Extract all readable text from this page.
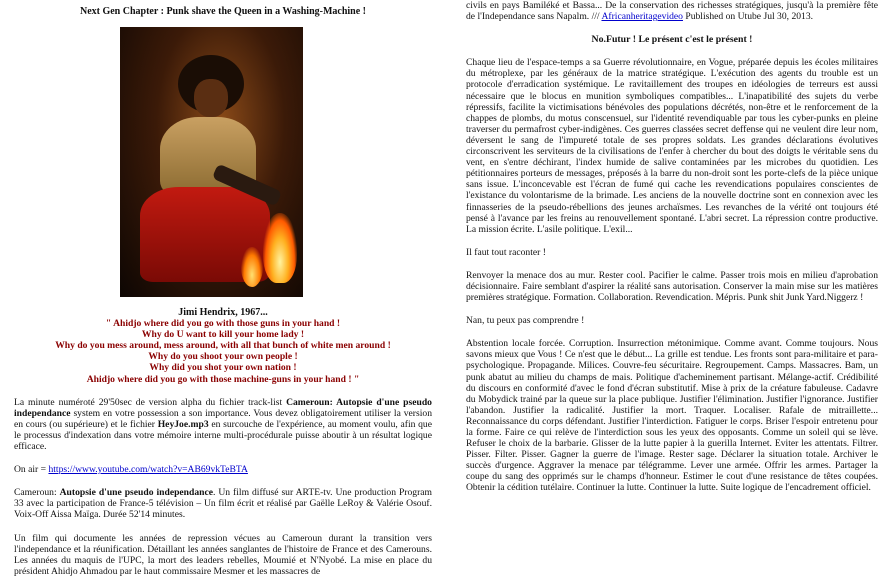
Next Gen Chapter : Punk shave the Queen in a Washing-Machine !

Jimi Hendrix, 1967...

" Ahidjo where did you go with those guns in your hand !

Why do U want to kill your home lady !

Why do you mess around, mess around, with all that bunch of white men around !

Why do you shoot your own people !

Why did you shot your own nation !

Ahidjo where did you go with those machine-guns in your hand ! "

La minute numéroté 29'50sec de version alpha du fichier track-list Cameroun: Autopsie d'une pseudo independance system en votre possession a son importance. Vous devez obligatoirement utiliser la version en cours (ou supérieure) et le fichier HeyJoe.mp3 en surcouche de l'expérience, au moment voulu, afin que le processus d'indexation dans votre mémoire interne multi-procédurale puisse aboutir à un résultat logique efficace.

On air = https://www.youtube.com/watch?v=AB69vkTeBTA

Cameroun: Autopsie d'une pseudo independance. Un film diffusé sur ARTE-tv. Une production Program 33 avec la participation de France-5 télévision – Un film écrit et réalisé par Gaëlle LeRoy & Valérie Osouf. Voix-Off Aissa Maïga. Durée 52'14 minutes.

Un film qui documente les années de repression vécues au Cameroun durant la transition vers l'independance et la réunification. Détaillant les années sanglantes de l'histoire de France et des Camerouns. Les années du maquis de l'UPC, la mort des leaders rebelles, Moumié et N'Nyobé. La mise en place du président Ahidjo Ahmadou par le haut commissaire Mesmer et les massacres de

civils en pays Bamiléké et Bassa... De la conservation des richesses stratégiques, jusqu'à la première fête de l'Independance sans Napalm. /// Africanheritagevideo Published on Utube Jul 30, 2013.

No.Futur ! Le présent c'est le présent !

Chaque lieu de l'espace-temps a sa Guerre révolutionnaire, en Vogue, préparée depuis les écoles militaires du métroplexe, par les généraux de la matrice stratégique. L'exécution des agents du trouble est un protocole d'erradication systémique. Le ravitaillement des troupes en idéologies de terreurs est aussi nécessaire que le blocus en munition symboliques compatibles... L'inapatibilité des sujets du verbe répressifs, facilite la victimisations bénévoles des populations décrétés, non-être et le renforcement de la chappes de plombs, du motus conscensuel, sur l'identité revendiquable par tous les cyber-punks en pleine traverser du permafrost cyber-indigènes. Ces guerres classées secret deffense qui ne veulent dire leur nom, déversent le sang de l'impureté totale de ses propres soldats. Les grandes déclarations évolutives circonscrivent les serviteurs de la civilisations de l'enfer à chercher du bout des doigts le véritable sens du vent, en s'entre déchirant, l'index humide de salive contaminées par les microbes du quotidien. Les pétitionnaires porteurs de messages, préposés à la barre du non-droit sont les porte-clefs de la pièce unique sans issue. L'inconcevable est l'écran de fumé qui cache les revendications populaires conscientes de l'existance du volontarisme de la brimade. Les anciens de la nouvelle doctrine sont en connexion avec les finnasseries de la pseudo-rébellions des jeunes archaïsmes. Les revanches de la vérité ont toujours été pensé à l'avance par les freins au renouvellement spontané. L'abri secret. La répression contre productive. La mission écrite. L'asile politique. L'exil...

Il faut tout raconter !

Renvoyer la menace dos au mur. Rester cool. Pacifier le calme. Passer trois mois en milieu d'aprobation décisionnaire. Faire semblant d'aspirer la réalité sans autorisation. Conserver la main mise sur les matières premières stratégique. Formation. Collaboration. Revendication. Mépris. Punk shit Junk Yard.Niggerz !

Nan, tu peux pas comprendre !

Abstention locale forcée. Corruption. Insurrection métonimique. Comme avant. Comme toujours. Nous savons mieux que Vous ! Ce n'est que le début... La grille est tendue. Les fronts sont para-militaire et para-psychologique. Propagande. Milices. Couvre-feu sécuritaire. Regroupement. Camps. Massacres. Bam, un punk abatut au milieu du champs de mais. Politique d'acheminement partisant. Mélange-actif. Crédibilité du discours en conformité d'avec le fond d'écran substitutif. Mise à prix de la créature fabuleuse. Cadavre du Mobydick trainé par la queue sur la place publique. Justifier l'élimination. Justifier l'ignorance. Justifier l'abandon. Justifier la radicalité. Justifier la mort. Traquer. Localiser. Rafale de mitraillette... Reconnaissance du corps défendant. Justifier l'interdiction. Fatiguer le corps. Briser l'espoir entretenu pour la forme. Faire ce qui relève de l'interdiction sous les yeux des opposants. Comme un soleil qui se lève. Refuser le choix de la barbarie. Glisser de la lutte papier à la guerilla Internet. Eviter les attentats. Filtrer. Pisser. Filter. Pisser. Gagner la guerre de l'image. Rester sage. Déclarer la situation totale. Archiver le succès d'urgence. Aggraver la menace par télégramme. Lever une armée. Offrir les armes. Partager la coupe du sang des opprimés sur le champs d'honneur. Estimer le cout d'une resistance de têtes coupées. Obtenir la cédition tutélaire. Continuer la lutte. Continuer la lutte. Suite logique de l'encadrement officiel.
